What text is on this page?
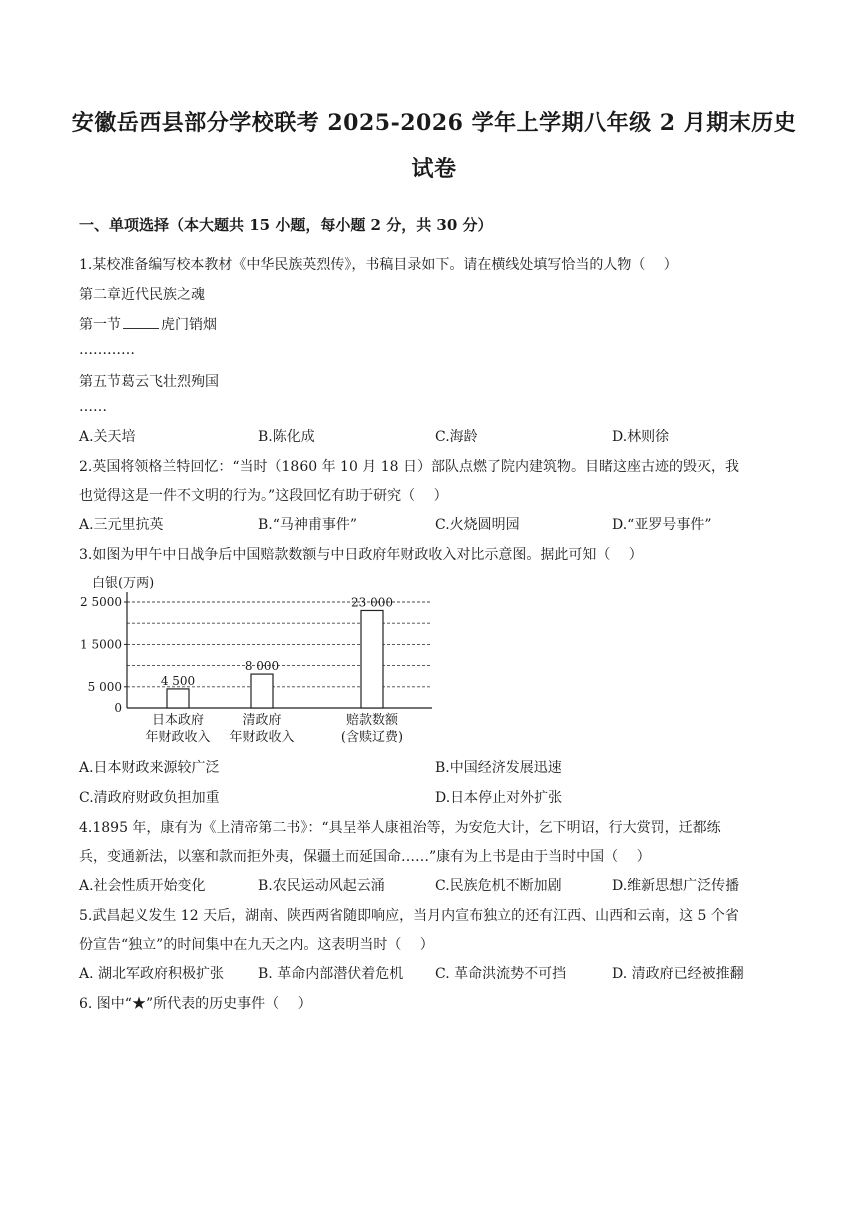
安徽岳西县部分学校联考 2025-2026 学年上学期八年级 2 月期末历史
试卷
一、单项选择（本大题共 15 小题，每小题 2 分，共 30 分）
1.某校准备编写校本教材《中华民族英烈传》，书稿目录如下。请在横线处填写恰当的人物（　 ）
第二章近代民族之魂
第一节	虎门销烟
…………
第五节葛云飞壮烈殉国
……
A.关天培	B.陈化成	C.海龄	D.林则徐
2.英国将领格兰特回忆：“当时（1860 年 10 月 18 日）部队点燃了院内建筑物。目睹这座古迹的毁灭，我
也觉得这是一件不文明的行为。”这段回忆有助于研究（　 ）
A.三元里抗英	B.“马神甫事件”	C.火烧圆明园	D.“亚罗号事件”
3.如图为甲午中日战争后中国赔款数额与中日政府年财政收入对比示意图。据此可知（　 ）
白银(万两)
2 5000
1 5000
5 000
0
4 500
8 000
23 000
日本政府
年财政收入
清政府
年财政收入
赔款数额
(含赎辽费)
A.日本财政来源较广泛	B.中国经济发展迅速
C.清政府财政负担加重	D.日本停止对外扩张
4.1895 年，康有为《上清帝第二书》：“具呈举人康祖治等，为安危大计，乞下明诏，行大赏罚，迁都练
兵，变通新法，以塞和款而拒外夷，保疆土而延国命……”康有为上书是由于当时中国（　 ）
A.社会性质开始变化	B.农民运动风起云涌	C.民族危机不断加剧	D.维新思想广泛传播
5.武昌起义发生 12 天后，湖南、陕西两省随即响应，当月内宣布独立的还有江西、山西和云南，这 5 个省
份宣告“独立”的时间集中在九天之内。这表明当时（　 ）
A. 湖北军政府积极扩张 B. 革命内部潜伏着危机 C. 革命洪流势不可挡	D. 清政府已经被推翻
6. 图中“★”所代表的历史事件（　 ）
